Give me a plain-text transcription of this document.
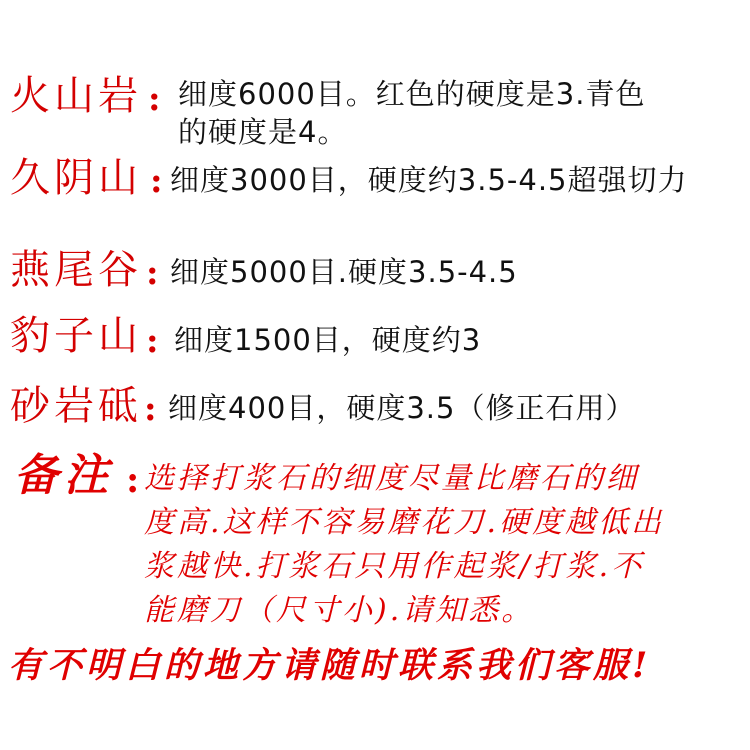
火山岩 : 细度6000目。红色的硬度是3.青色
的硬度是4。
久阴山 : 细度3000目，硬度约3.5-4.5超强切力
燕尾谷 : 细度5000目.硬度3.5-4.5
豹子山 : 细度1500目，硬度约3
砂岩砥 : 细度400目，硬度3.5（修正石用）
备注 : 选择打浆石的细度尽量比磨石的细
度高.这样不容易磨花刀.硬度越低出
浆越快.打浆石只用作起浆/打浆.不
能磨刀（尺寸小).请知悉。
有不明白的地方请随时联系我们客服!
